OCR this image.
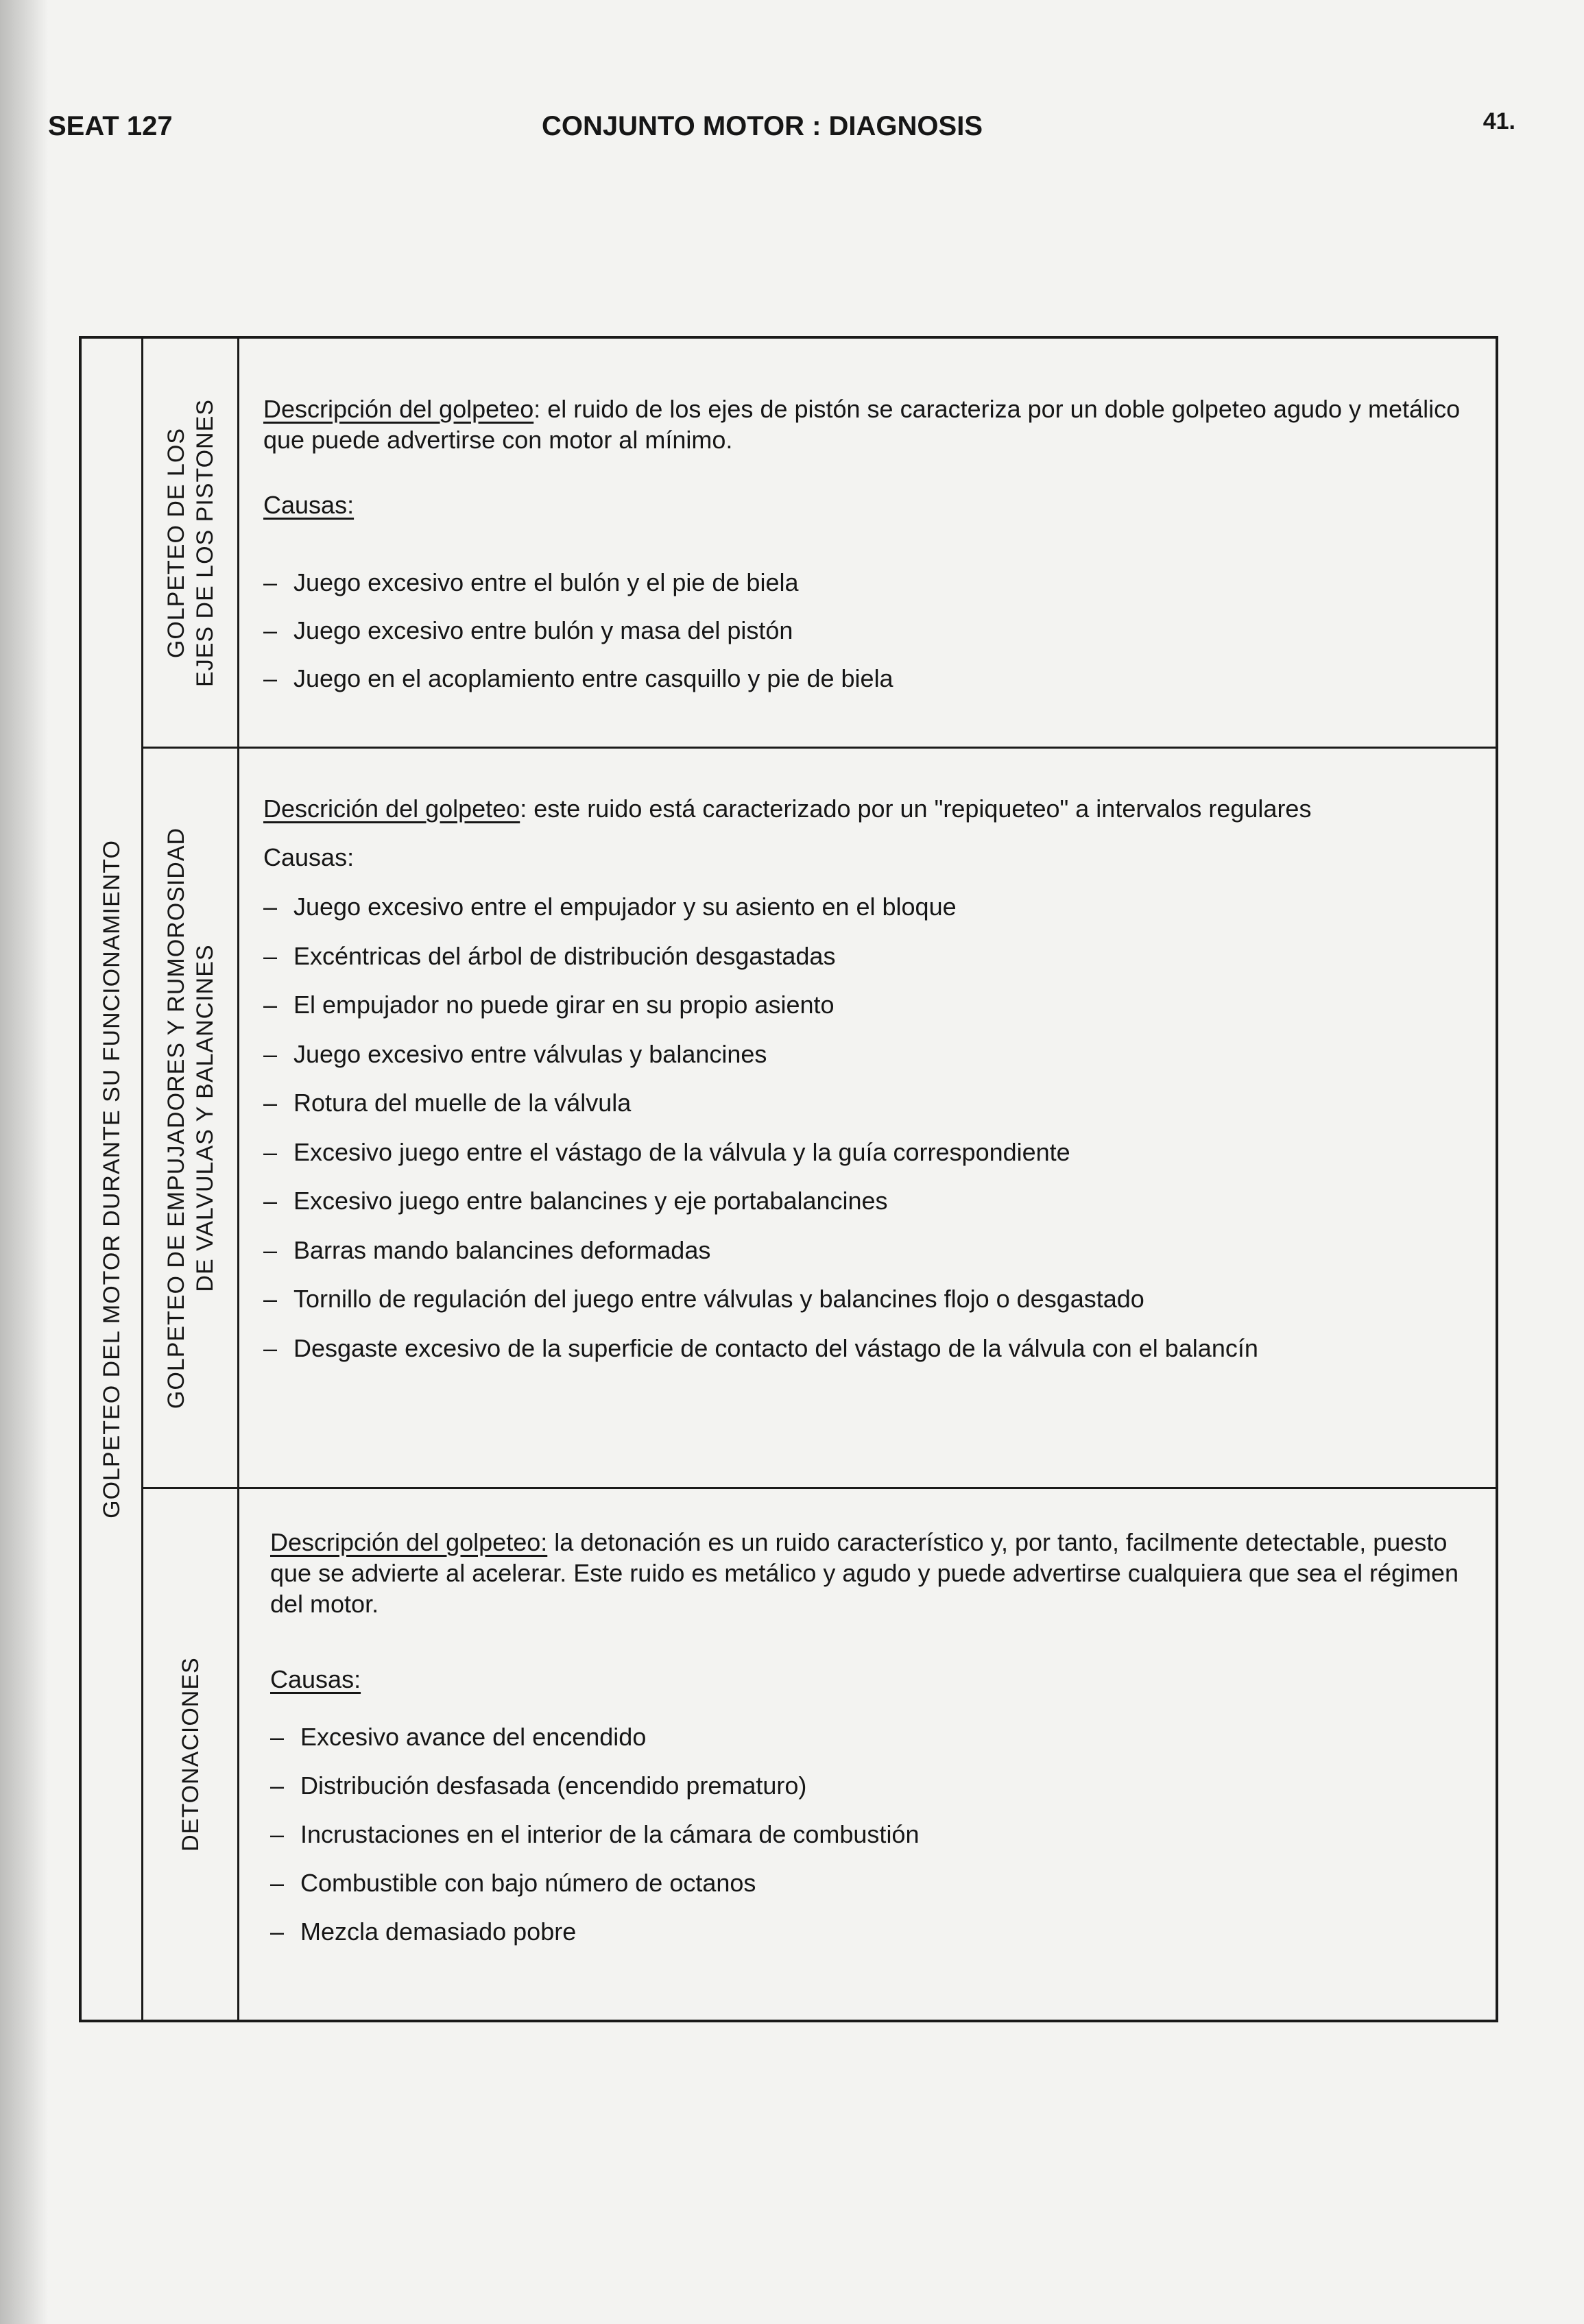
SEAT 127	CONJUNTO MOTOR : DIAGNOSIS	41.
GOLPETEO DEL MOTOR DURANTE SU FUNCIONAMIENTO
GOLPETEO DE LOS EJES DE LOS PISTONES Descripción del golpeteo: el ruido de los ejes de pistón se caracteriza por un doble golpeteo agudo y metálico que puede advertirse con motor al mínimo.

Causas:

– Juego excesivo entre el bulón y el pie de biela
– Juego excesivo entre bulón y masa del pistón
– Juego en el acoplamiento entre casquillo y pie de biela
GOLPETEO DE EMPUJADORES Y RUMOROSIDAD DE VALVULAS Y BALANCINES

Descrición del golpeteo: este ruido está caracterizado por un "repiqueteo" a intervalos regulares

Causas:

– Juego excesivo entre el empujador y su asiento en el bloque
– Excéntricas del árbol de distribución desgastadas
– El empujador no puede girar en su propio asiento
– Juego excesivo entre válvulas y balancines
– Rotura del muelle de la válvula
– Excesivo juego entre el vástago de la válvula y la guía correspondiente
– Excesivo juego entre balancines y eje portabalancines
– Barras mando balancines deformadas
– Tornillo de regulación del juego entre válvulas y balancines flojo o desgastado
– Desgaste excesivo de la superficie de contacto del vástago de la válvula con el balancín
DETONACIONES

Descripción del golpeteo: la detonación es un ruido característico y, por tanto, facilmente detectable, puesto que se advierte al acelerar. Este ruido es metálico y agudo y puede advertirse cualquiera que sea el régimen del motor.

Causas:

– Excesivo avance del encendido
– Distribución desfasada (encendido prematuro)
– Incrustaciones en el interior de la cámara de combustión
– Combustible con bajo número de octanos
– Mezcla demasiado pobre
